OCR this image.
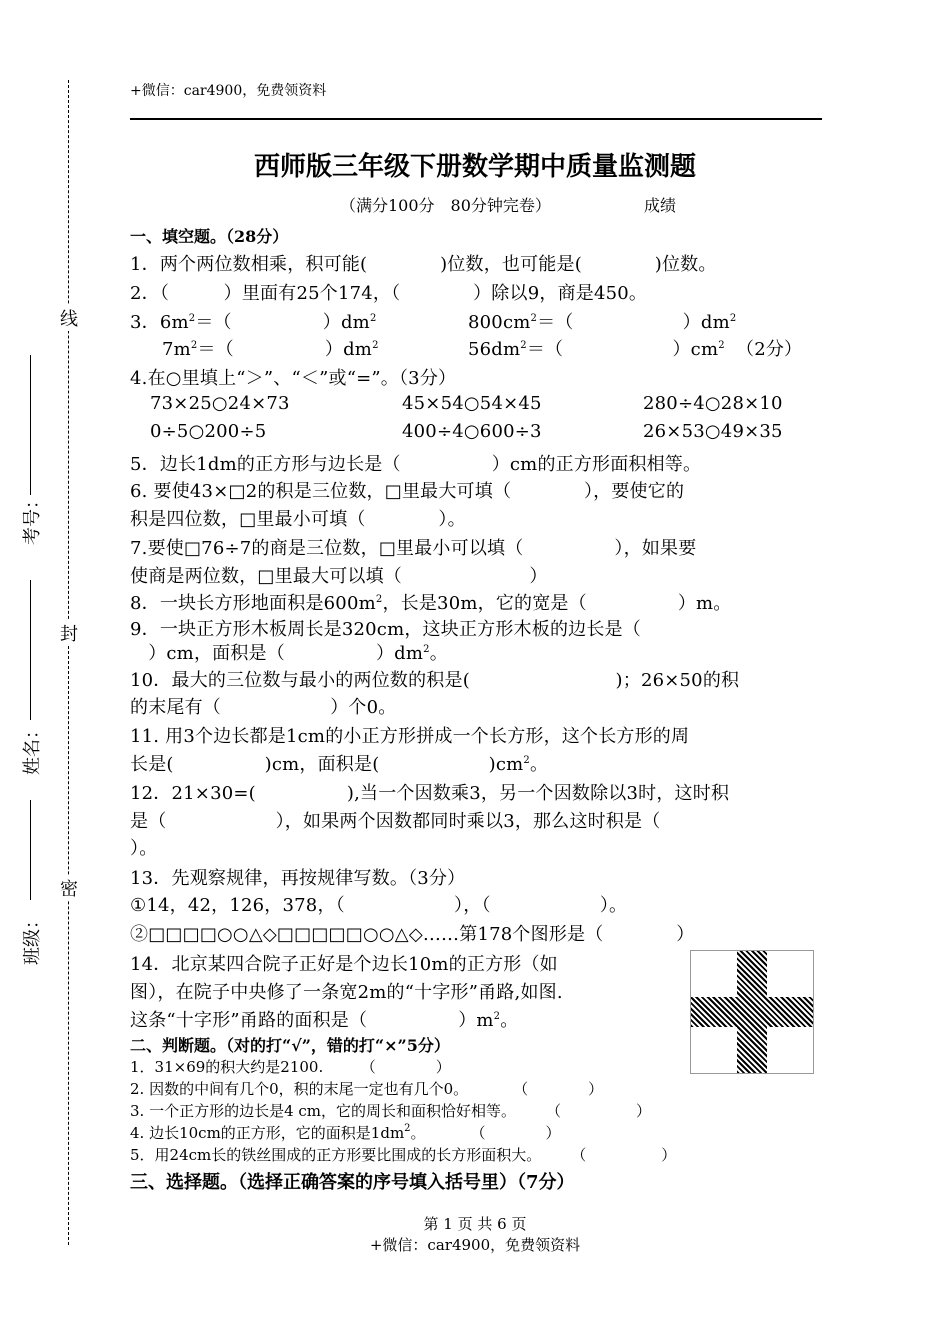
+微信：car4900，免费领资料
线
封
密
考号：
姓名：
班级：
西师版三年级下册数学期中质量监测题
（满分100分　80分钟完卷）	成绩
一、填空题。（28分）
1．两个两位数相乘，积可能(　　　　)位数，也可能是(　　　　)位数。
2．（　　　）里面有25个174，（　　　　）除以9，商是450。
3．$6m^2=$（　　　　　）$dm^2$	$800cm^2=$（　　　　　　）$dm^2$
$7m^2=$（　　　　　）$dm^2$	$56dm^2=$（　　　　　　）$cm^2$ （2分）
4.在○里填上“＞”、“＜”或“=”。（3分）
73×25○24×73	45×54○54×45	280÷4○28×10
0÷5○200÷5	400÷4○600÷3	26×53○49×35
5．边长1dm的正方形与边长是（　　　　　）cm的正方形面积相等。
6. 要使43×□2的积是三位数，□里最大可填（　　　　），要使它的
积是四位数，□里最小可填（　　　　）。
7.要使□76÷7的商是三位数，□里最小可以填（　　　　　），如果要
使商是两位数，□里最大可以填（　　　　　　　）
8．一块长方形地面积是$600m^2$，长是30m，它的宽是（　　　　　）m。
9．一块正方形木板周长是320cm，这块正方形木板的边长是（
　）cm，面积是（　　　　　）$dm^2$。
10．最大的三位数与最小的两位数的积是(　　　　　　　　)；26×50的积
的末尾有（　　　　　　）个0。
11. 用3个边长都是1cm的小正方形拼成一个长方形，这个长方形的周
长是(　　　　　)cm，面积是(　　　　　　)$cm^2$。
12．21×30=(　　　　　),当一个因数乘3，另一个因数除以3时，这时积
是（　　　　　　），如果两个因数都同时乘以3，那么这时积是（
）。
13．先观察规律，再按规律写数。（3分）
①14，42，126，378，（　　　　　　），（　　　　　　）。
②□□□□○○△◇□□□□□○○△◇……第178个图形是（　　　　）
14．北京某四合院子正好是个边长10m的正方形（如
图），在院子中央修了一条宽2m的“十字形”甬路,如图.
这条“十字形”甬路的面积是（　　　　　）$m^2$。
二、判断题。（对的打“√”，错的打“×”5分）
1．31×69的积大约是2100.　　　（　　　　）
2. 因数的中间有几个0，积的末尾一定也有几个0。　　　　（　　　　）
3. 一个正方形的边长是4 cm，它的周长和面积恰好相等。　　　（　　　　　）
4. 边长10cm的正方形，它的面积是$1dm^2$。　　　　（　　　　）
5．用24cm长的铁丝围成的正方形要比围成的长方形面积大。　　　（　　　　　）
三、选择题。（选择正确答案的序号填入括号里）（7分）
第 1 页 共 6 页
+微信：car4900，免费领资料
